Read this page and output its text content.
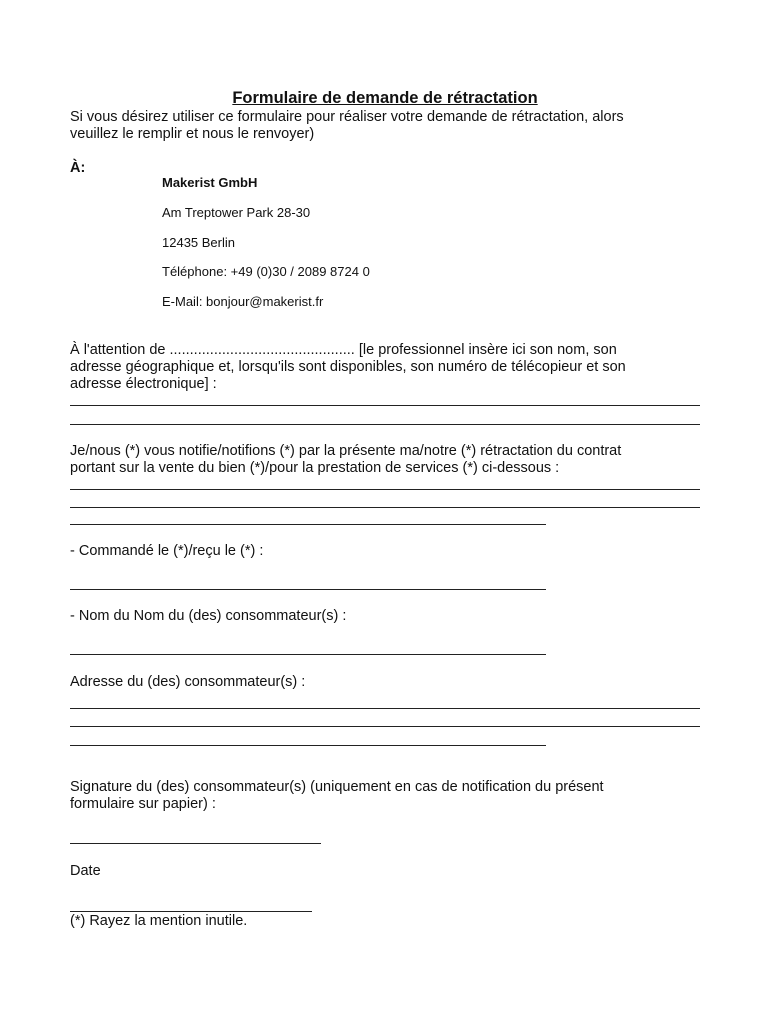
Formulaire de demande de rétractation
Si vous désirez utiliser ce formulaire pour réaliser votre demande de rétractation, alors
veuillez le remplir et nous le renvoyer)
À:
Makerist GmbH
Am Treptower Park 28-30
12435 Berlin
Téléphone: +49 (0)30 / 2089 8724 0
E-Mail: bonjour@makerist.fr
À l'attention de .............................................. [le professionnel insère ici son nom, son
adresse géographique et, lorsqu'ils sont disponibles, son numéro de télécopieur et son
adresse électronique] :
Je/nous (*) vous notifie/notifions (*) par la présente ma/notre (*) rétractation du contrat
portant sur la vente du bien (*)/pour la prestation de services (*) ci-dessous :
- Commandé le (*)/reçu le (*) :
- Nom du Nom du (des) consommateur(s) :
Adresse du (des) consommateur(s) :
Signature du (des) consommateur(s) (uniquement en cas de notification du présent
formulaire sur papier) :
Date
(*) Rayez la mention inutile.
